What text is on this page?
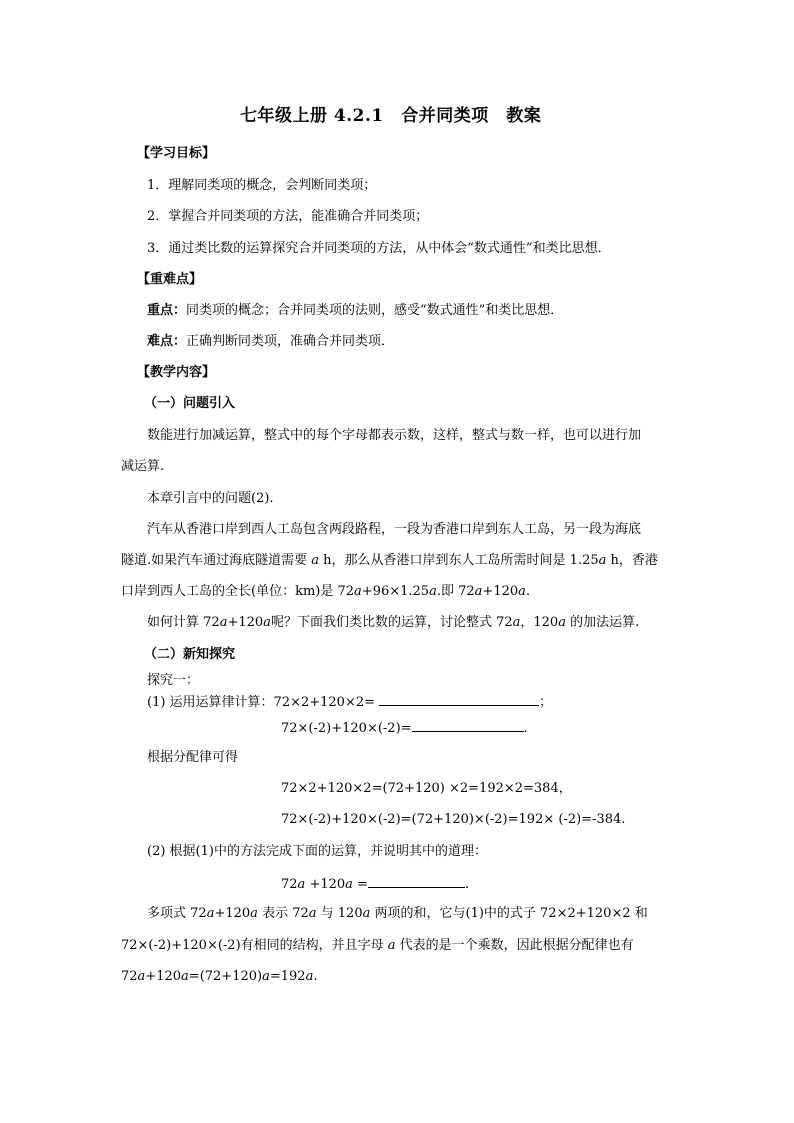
七年级上册 4.2.1　合并同类项　教案
【学习目标】
1．理解同类项的概念，会判断同类项；
2．掌握合并同类项的方法，能准确合并同类项；
3．通过类比数的运算探究合并同类项的方法，从中体会“数式通性”和类比思想．
【重难点】
重点：同类项的概念；合并同类项的法则，感受“数式通性”和类比思想．
难点：正确判断同类项，准确合并同类项．
【教学内容】
（一）问题引入
数能进行加减运算，整式中的每个字母都表示数，这样，整式与数一样，也可以进行加
减运算.
本章引言中的问题(2).
汽车从香港口岸到西人工岛包含两段路程，一段为香港口岸到东人工岛，另一段为海底
隧道.如果汽车通过海底隧道需要 a h，那么从香港口岸到东人工岛所需时间是 1.25a h，香港
口岸到西人工岛的全长(单位：km)是 72a+96×1.25a.即 72a+120a.
如何计算 72a+120a呢？下面我们类比数的运算，讨论整式 72a，120a 的加法运算.
（二）新知探究
探究一：
(1) 运用运算律计算：72×2+120×2=	；
72×(-2)+120×(-2)=	.
根据分配律可得
72×2+120×2=(72+120) ×2=192×2=384，
72×(-2)+120×(-2)=(72+120)×(-2)=192× (-2)=-384.
(2) 根据(1)中的方法完成下面的运算，并说明其中的道理：
72a +120a =	.
多项式 72a+120a 表示 72a 与 120a 两项的和，它与(1)中的式子 72×2+120×2 和
72×(-2)+120×(-2)有相同的结构，并且字母 a 代表的是一个乘数，因此根据分配律也有
72a+120a=(72+120)a=192a.
